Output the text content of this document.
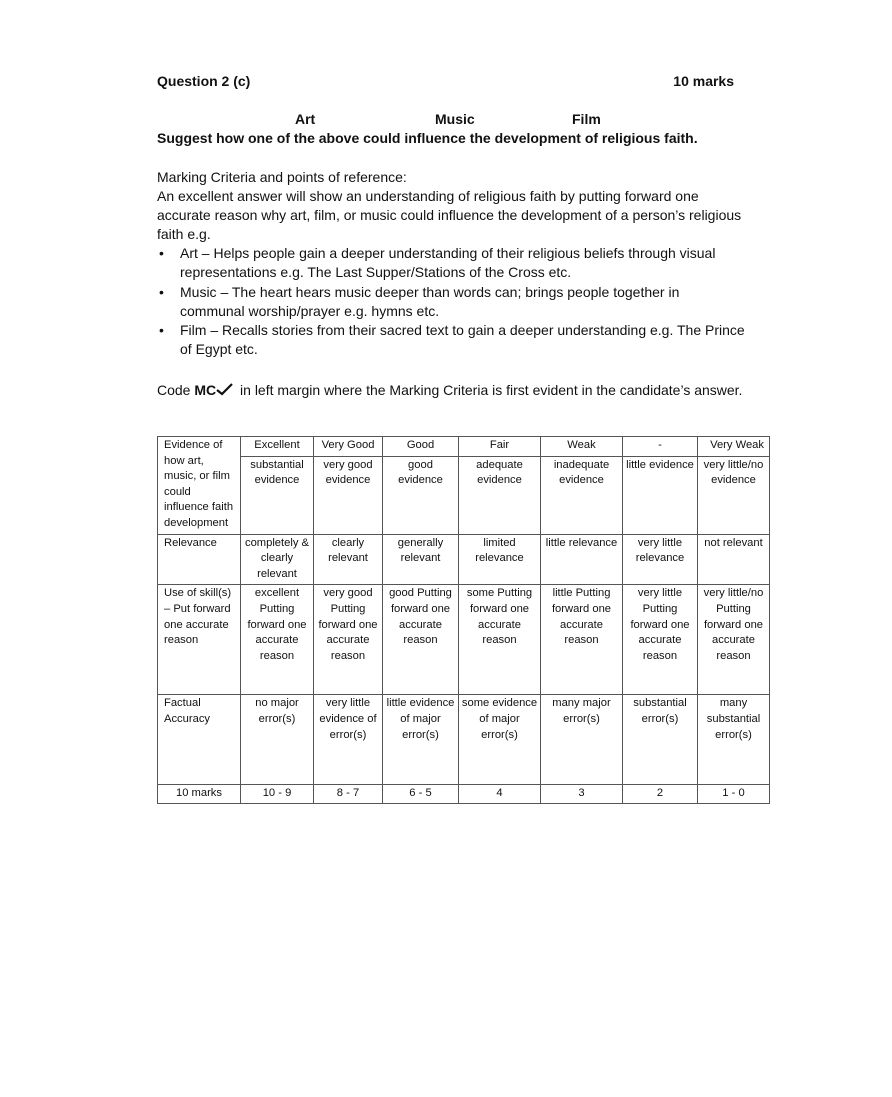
Question 2 (c)	10 marks
Art	Music	Film
Suggest how one of the above could influence the development of religious faith.
Marking Criteria and points of reference:
An excellent answer will show an understanding of religious faith by putting forward one accurate reason why art, film, or music could influence the development of a person’s religious faith e.g.
• Art – Helps people gain a deeper understanding of their religious beliefs through visual representations e.g. The Last Supper/Stations of the Cross etc.
• Music – The heart hears music deeper than words can; brings people together in communal worship/prayer e.g. hymns etc.
• Film – Recalls stories from their sacred text to gain a deeper understanding e.g. The Prince of Egypt etc.
Code MC in left margin where the Marking Criteria is first evident in the candidate’s answer.
Evidence of how art, music, or film could influence faith development	Excellent	Very Good	Good	Fair	Weak	-	Very Weak
	substantial evidence	very good evidence	good evidence	adequate evidence	inadequate evidence	little evidence	very little/no evidence
Relevance	completely & clearly relevant	clearly relevant	generally relevant	limited relevance	little relevance	very little relevance	not relevant
Use of skill(s) – Put forward one accurate reason	excellent Putting forward one accurate reason	very good Putting forward one accurate reason	good Putting forward one accurate reason	some Putting forward one accurate reason	little Putting forward one accurate reason	very little Putting forward one accurate reason	very little/no Putting forward one accurate reason
Factual Accuracy	no major error(s)	very little evidence of error(s)	little evidence of major error(s)	some evidence of major error(s)	many major error(s)	substantial error(s)	many substantial error(s)
10 marks	10 - 9	8 - 7	6 - 5	4	3	2	1 - 0
